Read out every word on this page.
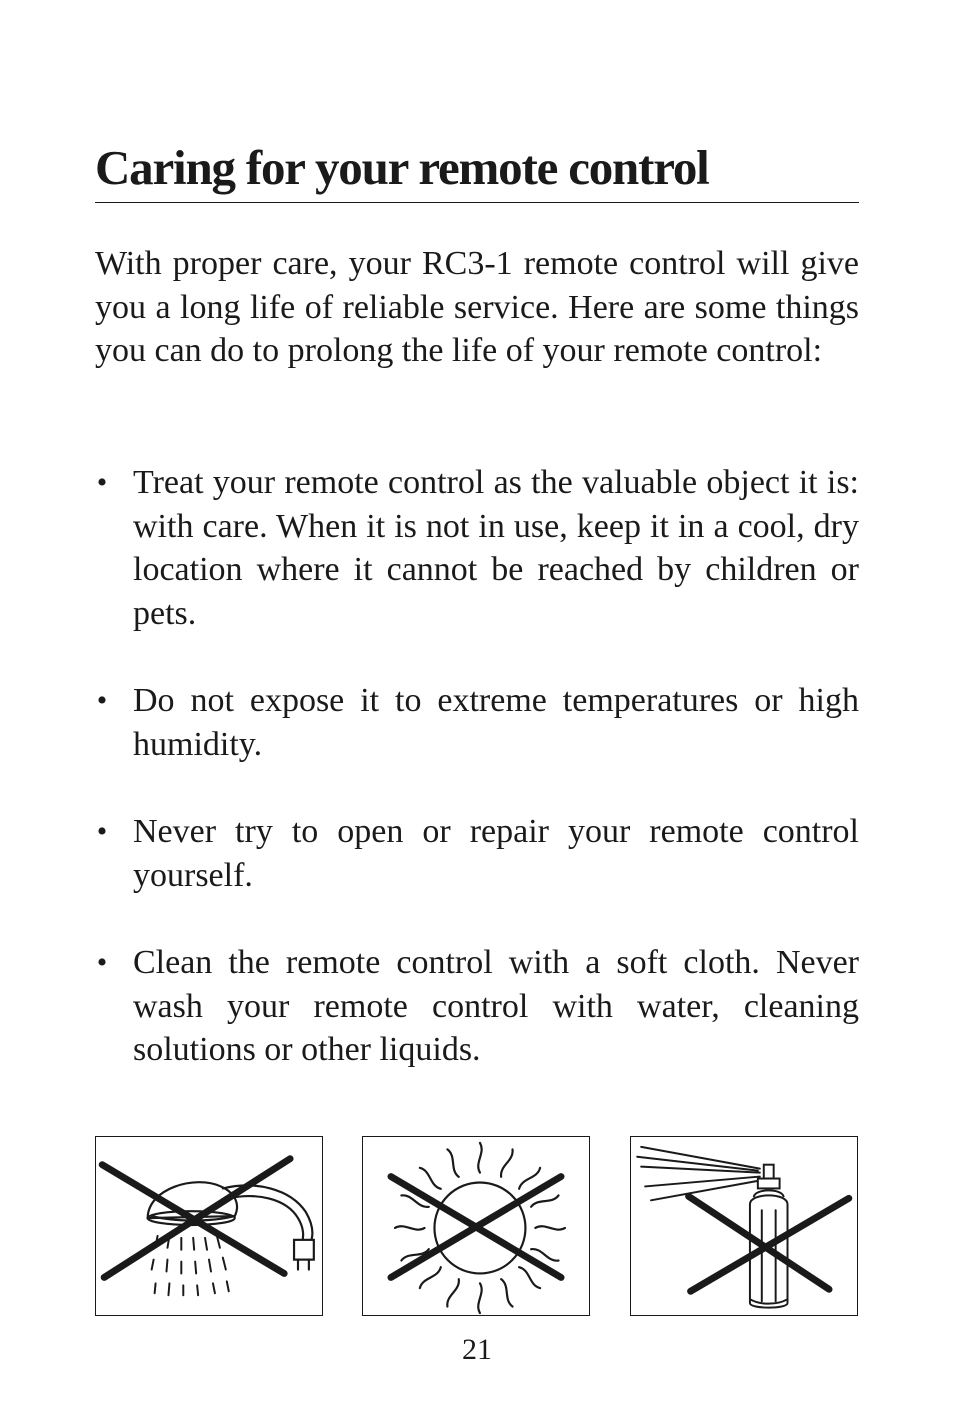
Caring for your remote control

With proper care, your RC3-1 remote control will give you a long life of reliable service. Here are some things you can do to prolong the life of your remote control:

• Treat your remote control as the valuable object it is: with care. When it is not in use, keep it in a cool, dry location where it cannot be reached by children or pets.
• Do not expose it to extreme temperatures or high humidity.
• Never try to open or repair your remote control yourself.
• Clean the remote control with a soft cloth. Never wash your remote control with water, cleaning solutions or other liquids.
21
